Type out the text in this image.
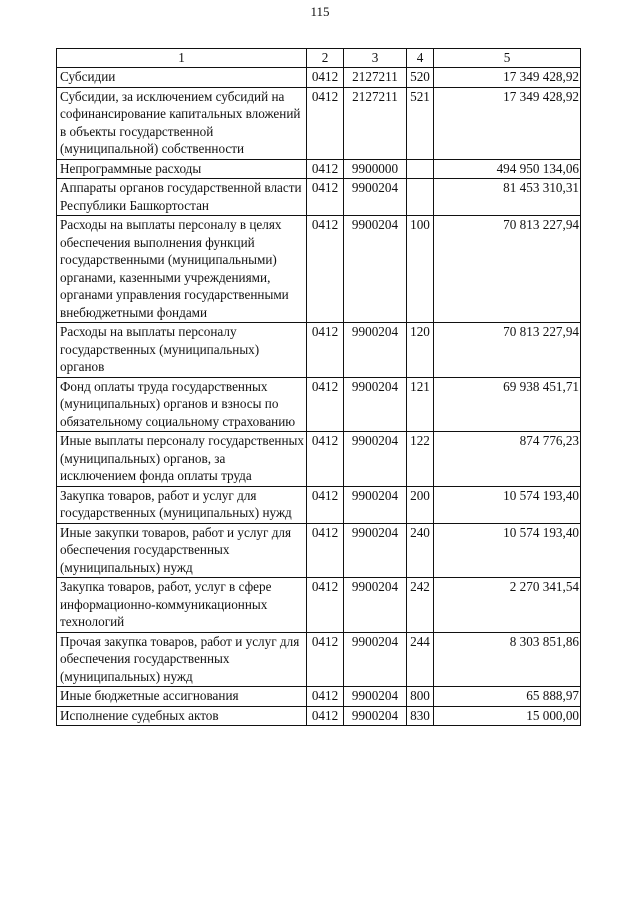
115
1	2	3	4	5
Субсидии	0412	2127211	520	17 349 428,92
Субсидии, за исключением субсидий на софинансирование капитальных вложений в объекты государственной (муниципальной) собственности	0412	2127211	521	17 349 428,92
Непрограммные расходы	0412	9900000		494 950 134,06
Аппараты органов государственной власти Республики Башкортостан	0412	9900204		81 453 310,31
Расходы на выплаты персоналу в целях обеспечения выполнения функций государственными (муниципальными) органами, казенными учреждениями, органами управления государственными внебюджетными фондами	0412	9900204	100	70 813 227,94
Расходы на выплаты персоналу государственных (муниципальных) органов	0412	9900204	120	70 813 227,94
Фонд оплаты труда государственных (муниципальных) органов и взносы по обязательному социальному страхованию	0412	9900204	121	69 938 451,71
Иные выплаты персоналу государственных (муниципальных) органов, за исключением фонда оплаты труда	0412	9900204	122	874 776,23
Закупка товаров, работ и услуг для государственных (муниципальных) нужд	0412	9900204	200	10 574 193,40
Иные закупки товаров, работ и услуг для обеспечения государственных (муниципальных) нужд	0412	9900204	240	10 574 193,40
Закупка товаров, работ, услуг в сфере информационно-коммуникационных технологий	0412	9900204	242	2 270 341,54
Прочая закупка товаров, работ и услуг для обеспечения государственных (муниципальных) нужд	0412	9900204	244	8 303 851,86
Иные бюджетные ассигнования	0412	9900204	800	65 888,97
Исполнение судебных актов	0412	9900204	830	15 000,00
